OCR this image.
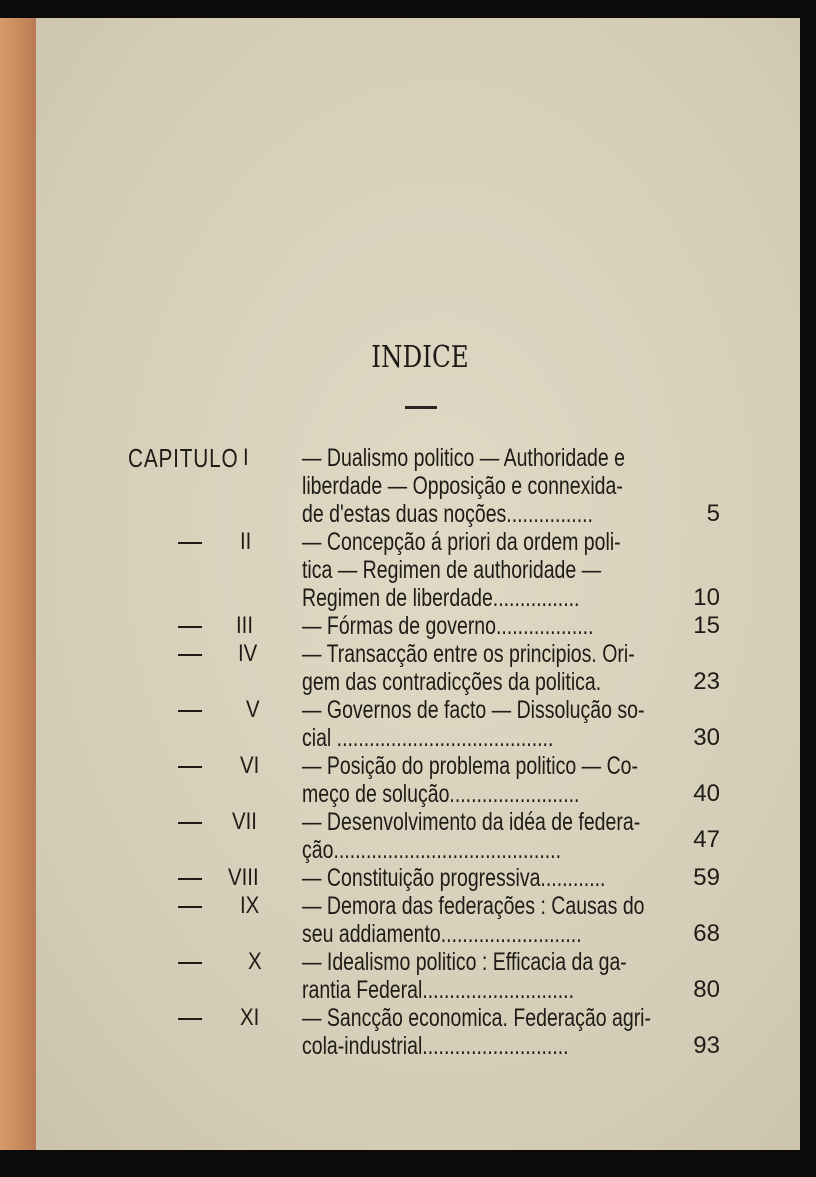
INDICE
CAPITULO I — Dualismo politico — Authoridade e
liberdade — Opposição e connexida-
de d'estas duas noções................	5
II — Concepção á priori da ordem poli-
tica — Regimen de authoridade —
Regimen de liberdade................	10
III — Fórmas de governo..................	15
IV — Transacção entre os principios. Ori-
gem das contradicções da politica.	23
V — Governos de facto — Dissolução so-
cial ........................................	30
VI — Posição do problema politico — Co-
meço de solução........................	40
VII — Desenvolvimento da idéa de federa-
ção..........................................	47
VIII — Constituição progressiva............	59
IX — Demora das federações : Causas do
seu addiamento..........................	68
X — Idealismo politico : Efficacia da ga-
rantia Federal............................	80
XI — Sancção economica. Federação agri-
cola-industrial...........................	93
